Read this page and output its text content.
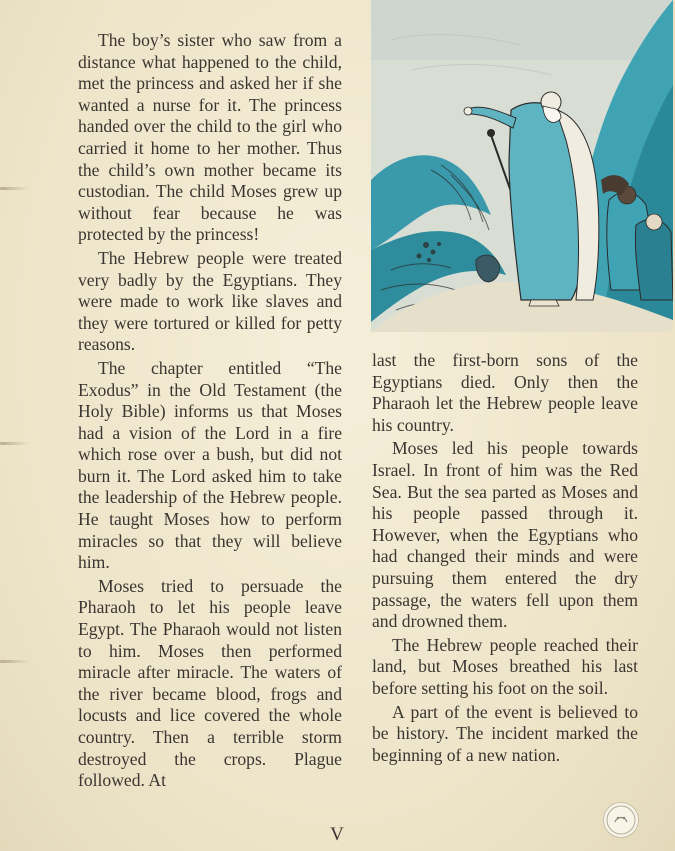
The boy’s sister who saw from a distance what happened to the child, met the princess and asked her if she wanted a nurse for it. The princess handed over the child to the girl who carried it home to her mother. Thus the child’s own mother became its custodian. The child Moses grew up without fear because he was protected by the princess!

The Hebrew people were treated very badly by the Egyptians. They were made to work like slaves and they were tortured or killed for petty reasons.

The chapter entitled “The Exodus” in the Old Testament (the Holy Bible) informs us that Moses had a vision of the Lord in a fire which rose over a bush, but did not burn it. The Lord asked him to take the leadership of the Hebrew people. He taught Moses how to perform miracles so that they will believe him.

Moses tried to persuade the Pharaoh to let his people leave Egypt. The Pharaoh would not listen to him. Moses then performed miracle after miracle. The waters of the river became blood, frogs and locusts and lice covered the whole country. Then a terrible storm destroyed the crops. Plague followed. At

last the first-born sons of the Egyptians died. Only then the Pharaoh let the Hebrew people leave his country.

Moses led his people towards Israel. In front of him was the Red Sea. But the sea parted as Moses and his people passed through it. However, when the Egyptians who had changed their minds and were pursuing them entered the dry passage, the waters fell upon them and drowned them.

The Hebrew people reached their land, but Moses breathed his last before setting his foot on the soil.

A part of the event is believed to be history. The incident marked the beginning of a new nation.

V
